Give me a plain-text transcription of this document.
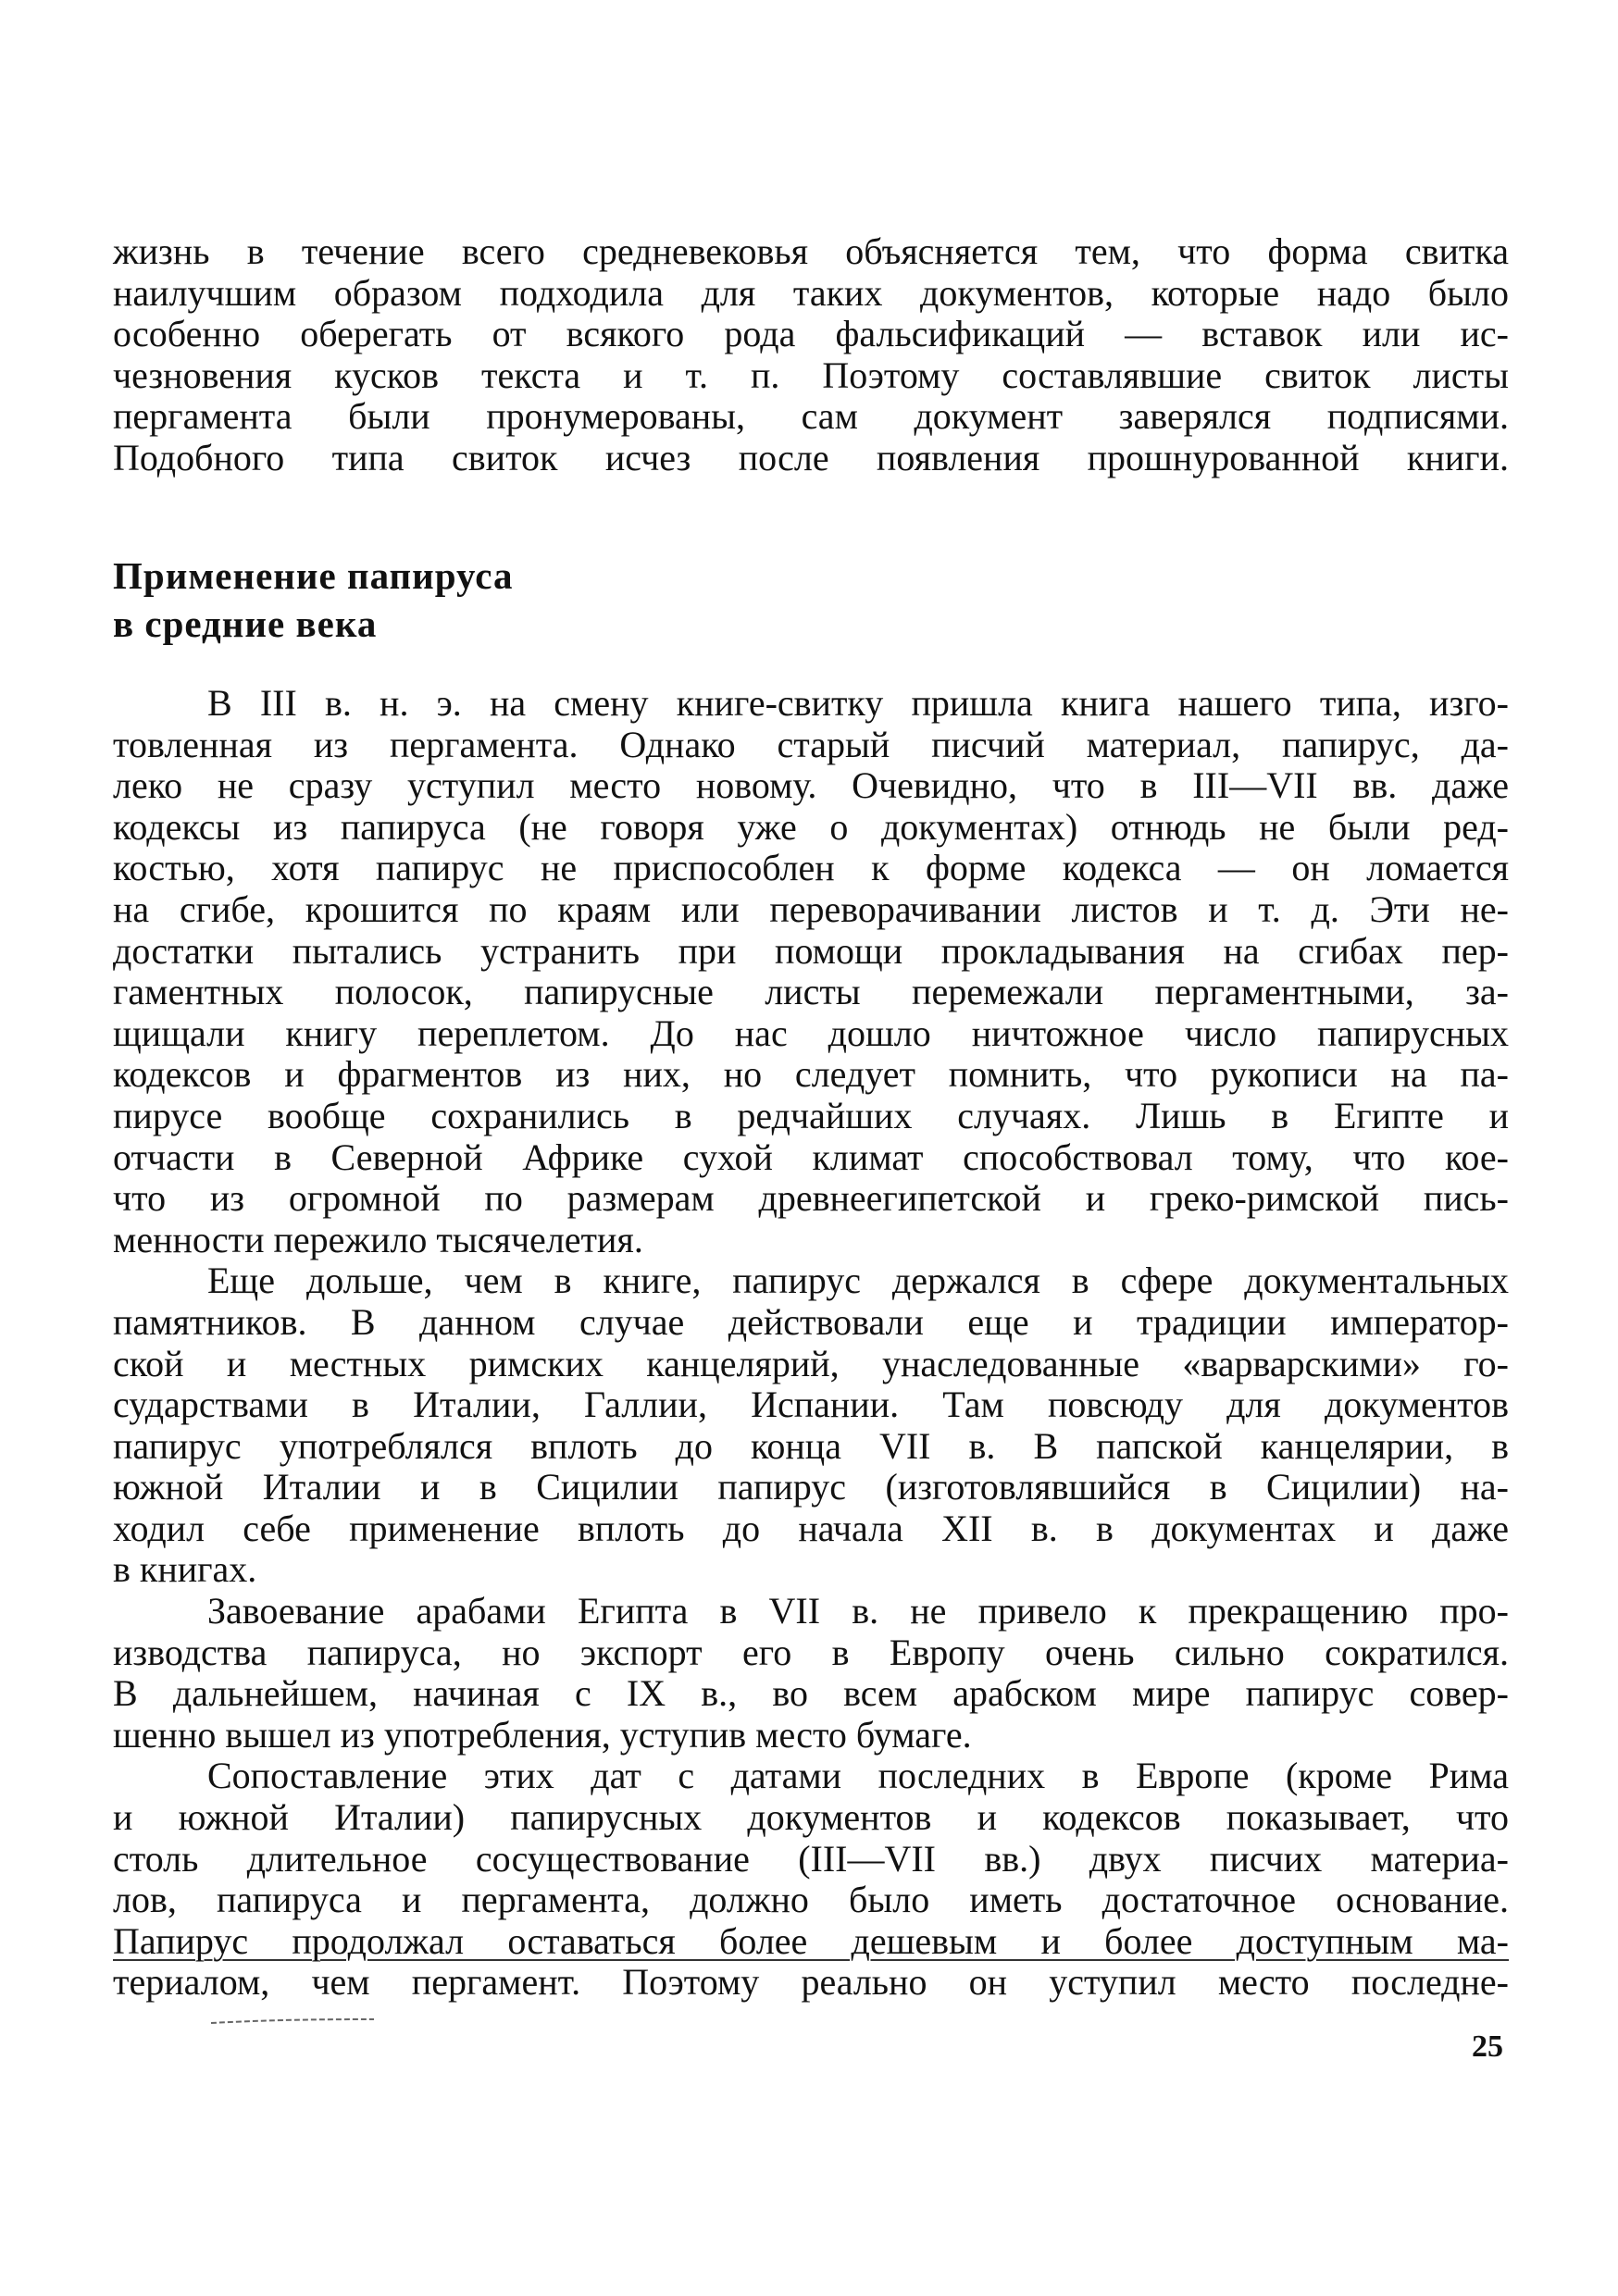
жизнь в течение всего средневековья объясняется тем, что форма свитка
наилучшим образом подходила для таких документов, которые надо было
особенно оберегать от всякого рода фальсификаций — вставок или ис-
чезновения кусков текста и т. п. Поэтому составлявшие свиток листы
пергамента были пронумерованы, сам документ заверялся подписями.
Подобного типа свиток исчез после появления прошнурованной книги.
Применение папируса
в средние века
В III в. н. э. на смену книге-свитку пришла книга нашего типа, изго-
товленная из пергамента. Однако старый писчий материал, папирус, да-
леко не сразу уступил место новому. Очевидно, что в III—VII вв. даже
кодексы из папируса (не говоря уже о документах) отнюдь не были ред-
костью, хотя папирус не приспособлен к форме кодекса — он ломается
на сгибе, крошится по краям или переворачивании листов и т. д. Эти не-
достатки пытались устранить при помощи прокладывания на сгибах пер-
гаментных полосок, папирусные листы перемежали пергаментными, за-
щищали книгу переплетом. До нас дошло ничтожное число папирусных
кодексов и фрагментов из них, но следует помнить, что рукописи на па-
пирусе вообще сохранились в редчайших случаях. Лишь в Египте и
отчасти в Северной Африке сухой климат способствовал тому, что кое-
что из огромной по размерам древнеегипетской и греко-римской пись-
менности пережило тысячелетия.
Еще дольше, чем в книге, папирус держался в сфере документальных
памятников. В данном случае действовали еще и традиции император-
ской и местных римских канцелярий, унаследованные «варварскими» го-
сударствами в Италии, Галлии, Испании. Там повсюду для документов
папирус употреблялся вплоть до конца VII в. В папской канцелярии, в
южной Италии и в Сицилии папирус (изготовлявшийся в Сицилии) на-
ходил себе применение вплоть до начала XII в. в документах и даже
в книгах.
Завоевание арабами Египта в VII в. не привело к прекращению про-
изводства папируса, но экспорт его в Европу очень сильно сократился.
В дальнейшем, начиная с IX в., во всем арабском мире папирус совер-
шенно вышел из употребления, уступив место бумаге.
Сопоставление этих дат с датами последних в Европе (кроме Рима
и южной Италии) папирусных документов и кодексов показывает, что
столь длительное сосуществование (III—VII вв.) двух писчих материа-
лов, папируса и пергамента, должно было иметь достаточное основание.
Папирус продолжал оставаться более дешевым и более доступным ма-
териалом, чем пергамент. Поэтому реально он уступил место последне-
25
